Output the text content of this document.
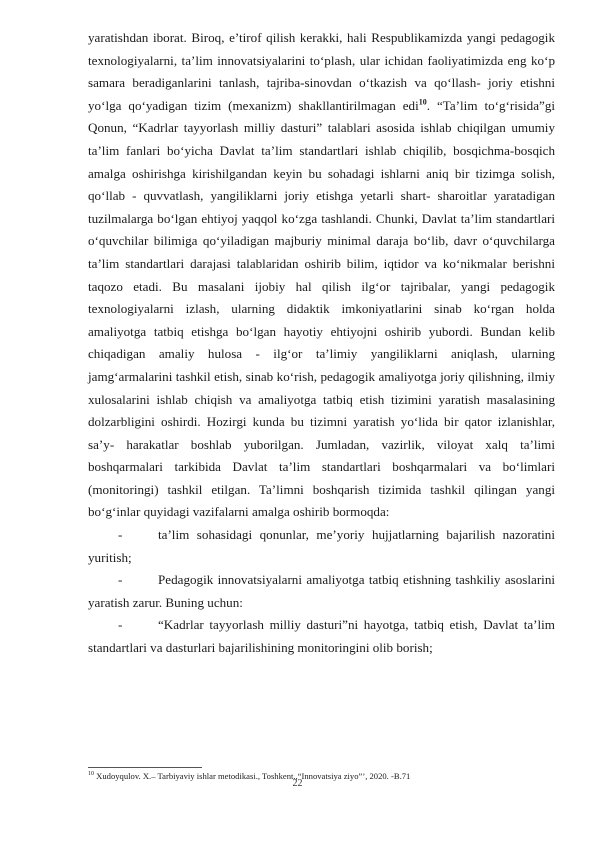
yaratishdan iborat. Biroq, e’tirof qilish kerakki, hali Respublikamizda yangi pedagogik texnologiyalarni, ta’lim innovatsiyalarini to‘plash, ular ichidan faoliyatimizda eng ko‘p samara beradiganlarini tanlash, tajriba-sinovdan o‘tkazish va qo‘llash- joriy etishni yo‘lga qo‘yadigan tizim (mexanizm) shakllantirilmagan edi$^{10}$. “Ta’lim to‘g‘risida”gi Qonun, “Kadrlar tayyorlash milliy dasturi” talablari asosida ishlab chiqilgan umumiy ta’lim fanlari bo‘yicha Davlat ta’lim standartlari ishlab chiqilib, bosqichma-bosqich amalga oshirishga kirishilgandan keyin bu sohadagi ishlarni aniq bir tizimga solish, qo‘llab - quvvatlash, yangiliklarni joriy etishga yetarli shart- sharoitlar yaratadigan tuzilmalarga bo‘lgan ehtiyoj yaqqol ko‘zga tashlandi. Chunki, Davlat ta’lim standartlari o‘quvchilar bilimiga qo‘yiladigan majburiy minimal daraja bo‘lib, davr o‘quvchilarga ta’lim standartlari darajasi talablaridan oshirib bilim, iqtidor va ko‘nikmalar berishni taqozo etadi. Bu masalani ijobiy hal qilish ilg‘or tajribalar, yangi pedagogik texnologiyalarni izlash, ularning didaktik imkoniyatlarini sinab ko‘rgan holda amaliyotga tatbiq etishga bo‘lgan hayotiy ehtiyojni oshirib yubordi. Bundan kelib chiqadigan amaliy hulosa - ilg‘or ta’limiy yangiliklarni aniqlash, ularning jamg‘armalarini tashkil etish, sinab ko‘rish, pedagogik amaliyotga joriy qilishning, ilmiy xulosalarini ishlab chiqish va amaliyotga tatbiq etish tizimini yaratish masalasining dolzarbligini oshirdi. Hozirgi kunda bu tizimni yaratish yo‘lida bir qator izlanishlar, sa’y- harakatlar boshlab yuborilgan. Jumladan, vazirlik, viloyat xalq ta’limi boshqarmalari tarkibida Davlat ta’lim standartlari boshqarmalari va bo‘limlari (monitoringi) tashkil etilgan. Ta’limni boshqarish tizimida tashkil qilingan yangi bo‘g‘inlar quyidagi vazifalarni amalga oshirib bormoqda:

-	ta’lim sohasidagi qonunlar, me’yoriy hujjatlarning bajarilish nazoratini yuritish;

-	Pedagogik innovatsiyalarni amaliyotga tatbiq etishning tashkiliy asoslarini yaratish zarur. Buning uchun:

-	“Kadrlar tayyorlash milliy dasturi”ni hayotga, tatbiq etish, Davlat ta’lim standartlari va dasturlari bajarilishining monitoringini olib borish;

$^{10}$ Xudoyqulov. X.– Tarbiyaviy ishlar metodikasi., Toshkent.,“Innovatsiya ziyo”’, 2020. -B.71
22
